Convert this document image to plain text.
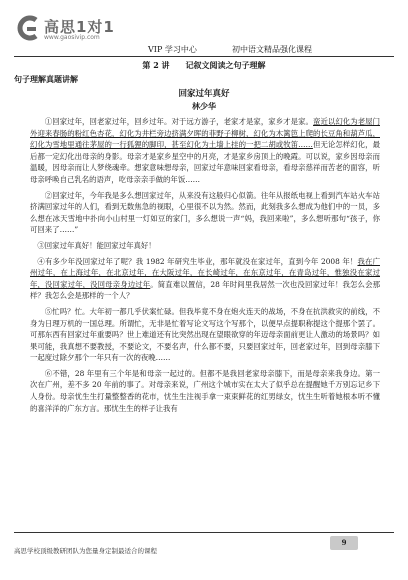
高思1对1
www.gaosivip.com
VIP 学习中心	初中语文精品强化课程
第 2 讲　　记叙文阅读之句子理解
句子理解真题讲解
回家过年真好
林少华

①回家过年，回老家过年，回乡过年。对于远方游子，老家才是家，家乡才是家。蛮近以幻化为老屋门外迎来春肠的粉红色杏花，幻化为井栏旁边挤满夕晖的菲野子柳树，幻化为木篱笆上爬的长豆角和葫芦瓜，幻化为雪地里通往茅屋的一行狐狸的脚印，甚至幻化为土墙上挂的一把二胡或牧笛……但无论怎样幻化，最后都一定幻化出母亲的身影。母亲才是家乡星空中的月亮，才是家乡房顶上的晚霞。可以说，家乡因母亲而温暖，因母亲而让人梦绕魂牵。想家意味想母亲，回家过年意味回家看母亲，看母亲慈祥而苦老的面容，听母亲呼唤自己乳名的语声，吃母亲亲手做的年饭……

②回家过年，今年我是多么想回家过年，从来没有这般归心似箭。往年从报纸电视上看到汽车站火车站挤满回家过年的人们，看到无数焦急的视眼，心里很不以为然。然而，此刻我多么想成为他们中的一员，多么想在冰天雪地中扑向小山村里一灯如豆的家门，多么想说一声“妈，我回来啦”，多么想听那句“孩子，你可回来了……”

③回家过年真好！能回家过年真好！

④有多少年没回家过年了呢？我 1982 年研究生毕业，那年就没在家过年，直到今年 2008 年！我在广州过年，在上海过年，在北京过年，在大阪过年，在长崎过年，在东京过年，在青岛过年，惟独没在家过年，没回家过年，没回母亲身边过年。简直难以置信，28 年时间里我居然一次也没回家过年！我怎么会那样？我怎么会是那样的一个人？

⑤忙吗？忙。大年初一都几乎伏案忙碌。但我毕竟不身在炮火连天的战场，不身在抗洪救灾的前线，不身为日理万机的一国总理。所谓忙，无非是忙着写论文写这个写那个，以便早点提职称提这个提那个罢了。可那东西有回家过年重要吗？世上难道还有比突然出现在望眼欲穿的年迈母亲面前更让人激动的场景吗？如果可能，我真想不要教授，不要论文，不要名声，什么都不要，只要回家过年，回老家过年，回到母亲膝下一起度过除夕那个一年只有一次的夜晚……

⑥不错，28 年里有三个年是和母亲一起过的。但都不是我回老家母亲膝下，而是母亲来我身边。第一次在广州，差不多 20 年前的事了。对母亲来说，广州这个城市实在太大了似乎总在提醒她千万别忘记乡下人身份。母亲忧生生打量整整香的花市，忧生生注视手拿一束束鲜花的红男绿女，忧生生听着她根本听不懂的喜洋洋的广东方言。那忧生生的样子让我有

9
高思学校顶级教研团队为您量身定制最适合的课程
